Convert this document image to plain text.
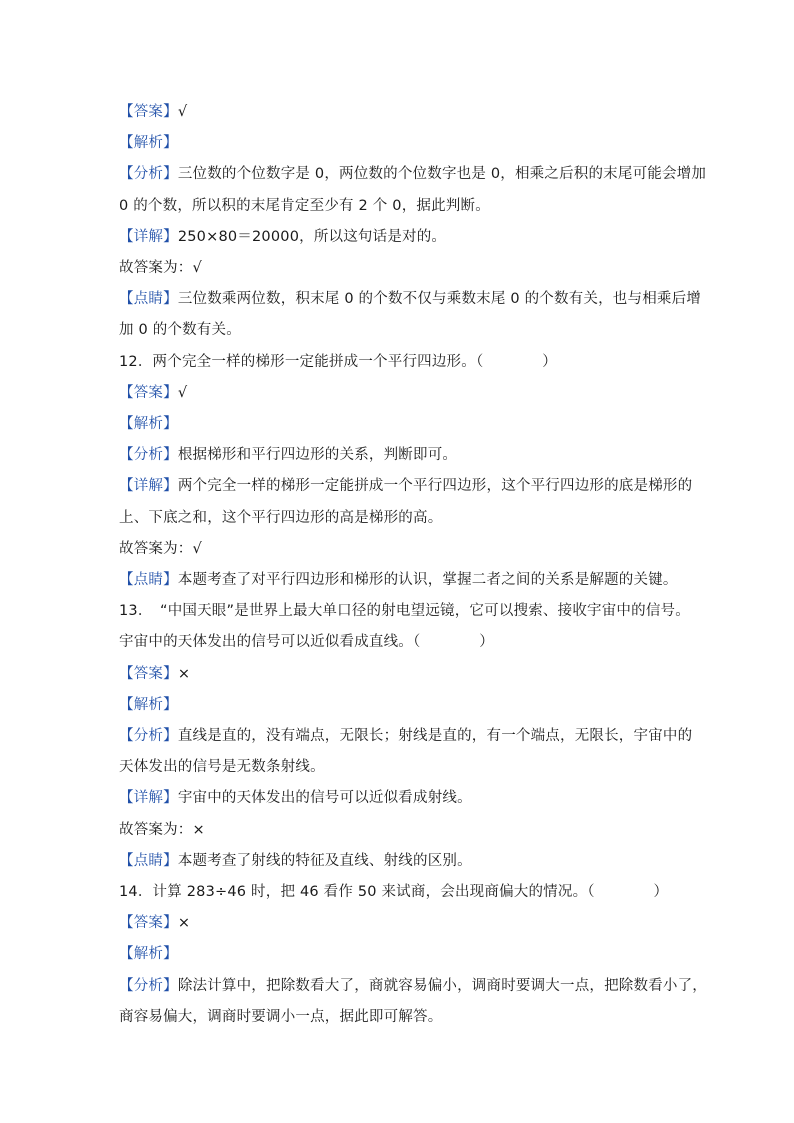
【答案】√
【解析】
【分析】三位数的个位数字是 0，两位数的个位数字也是 0，相乘之后积的末尾可能会增加
0 的个数，所以积的末尾肯定至少有 2 个 0，据此判断。
【详解】250×80＝20000，所以这句话是对的。
故答案为：√
【点睛】三位数乘两位数，积末尾 0 的个数不仅与乘数末尾 0 的个数有关，也与相乘后增
加 0 的个数有关。
12．两个完全一样的梯形一定能拼成一个平行四边形。（　　　　）
【答案】√
【解析】
【分析】根据梯形和平行四边形的关系，判断即可。
【详解】两个完全一样的梯形一定能拼成一个平行四边形，这个平行四边形的底是梯形的
上、下底之和，这个平行四边形的高是梯形的高。
故答案为：√
【点睛】本题考查了对平行四边形和梯形的认识，掌握二者之间的关系是解题的关键。
13．　“中国天眼”是世界上最大单口径的射电望远镜，它可以搜索、接收宇宙中的信号。
宇宙中的天体发出的信号可以近似看成直线。（　　　　）
【答案】×
【解析】
【分析】直线是直的，没有端点，无限长；射线是直的，有一个端点，无限长，宇宙中的
天体发出的信号是无数条射线。
【详解】宇宙中的天体发出的信号可以近似看成射线。
故答案为：×
【点睛】本题考查了射线的特征及直线、射线的区别。
14．计算 283÷46 时，把 46 看作 50 来试商，会出现商偏大的情况。（　　　　）
【答案】×
【解析】
【分析】除法计算中，把除数看大了，商就容易偏小，调商时要调大一点，把除数看小了，
商容易偏大，调商时要调小一点，据此即可解答。
